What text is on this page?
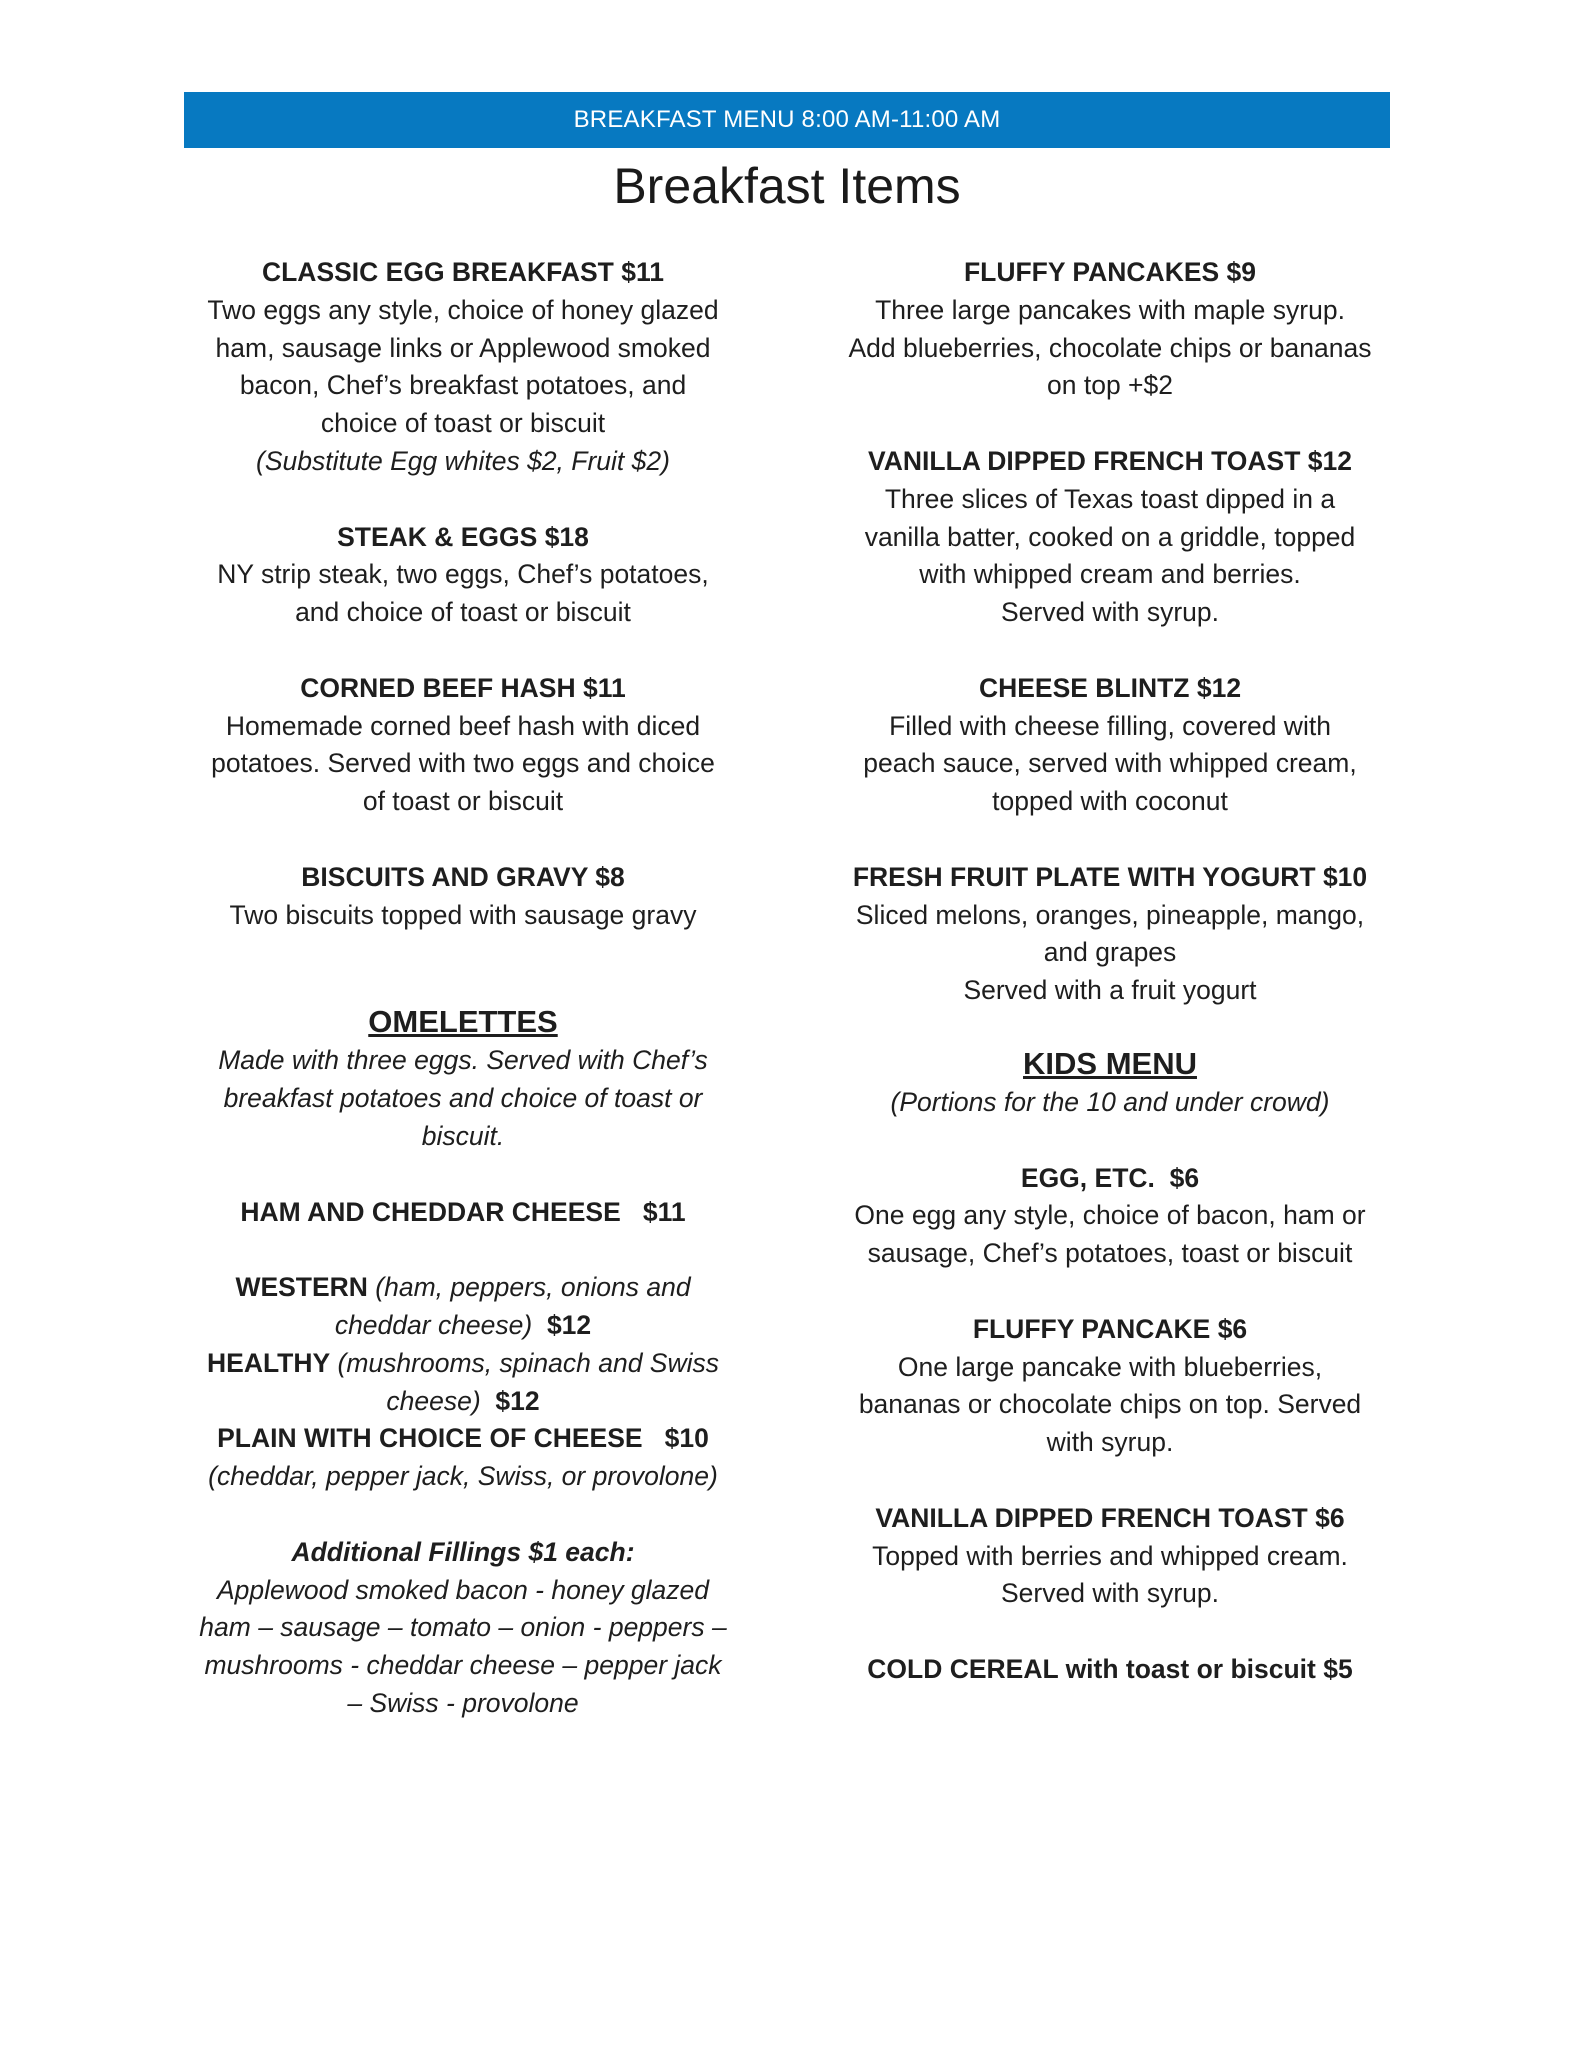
BREAKFAST MENU 8:00 AM-11:00 AM
Breakfast Items
CLASSIC EGG BREAKFAST $11
Two eggs any style, choice of honey glazed
ham, sausage links or Applewood smoked
bacon, Chef’s breakfast potatoes, and
choice of toast or biscuit
(Substitute Egg whites $2, Fruit $2)
STEAK & EGGS $18
NY strip steak, two eggs, Chef’s potatoes,
and choice of toast or biscuit
CORNED BEEF HASH $11
Homemade corned beef hash with diced
potatoes. Served with two eggs and choice
of toast or biscuit
BISCUITS AND GRAVY $8
Two biscuits topped with sausage gravy
OMELETTES
Made with three eggs. Served with Chef’s
breakfast potatoes and choice of toast or
biscuit.
HAM AND CHEDDAR CHEESE   $11
WESTERN (ham, peppers, onions and
cheddar cheese)  $12
HEALTHY (mushrooms, spinach and Swiss
cheese)  $12
PLAIN WITH CHOICE OF CHEESE   $10
(cheddar, pepper jack, Swiss, or provolone)
Additional Fillings $1 each:
Applewood smoked bacon - honey glazed
ham – sausage – tomato – onion - peppers –
mushrooms - cheddar cheese – pepper jack
– Swiss - provolone
FLUFFY PANCAKES $9
Three large pancakes with maple syrup.
Add blueberries, chocolate chips or bananas
on top +$2
VANILLA DIPPED FRENCH TOAST $12
Three slices of Texas toast dipped in a
vanilla batter, cooked on a griddle, topped
with whipped cream and berries.
Served with syrup.
CHEESE BLINTZ $12
Filled with cheese filling, covered with
peach sauce, served with whipped cream,
topped with coconut
FRESH FRUIT PLATE WITH YOGURT $10
Sliced melons, oranges, pineapple, mango,
and grapes
Served with a fruit yogurt
KIDS MENU
(Portions for the 10 and under crowd)
EGG, ETC.  $6
One egg any style, choice of bacon, ham or
sausage, Chef’s potatoes, toast or biscuit
FLUFFY PANCAKE $6
One large pancake with blueberries,
bananas or chocolate chips on top. Served
with syrup.
VANILLA DIPPED FRENCH TOAST $6
Topped with berries and whipped cream.
Served with syrup.
COLD CEREAL with toast or biscuit $5
